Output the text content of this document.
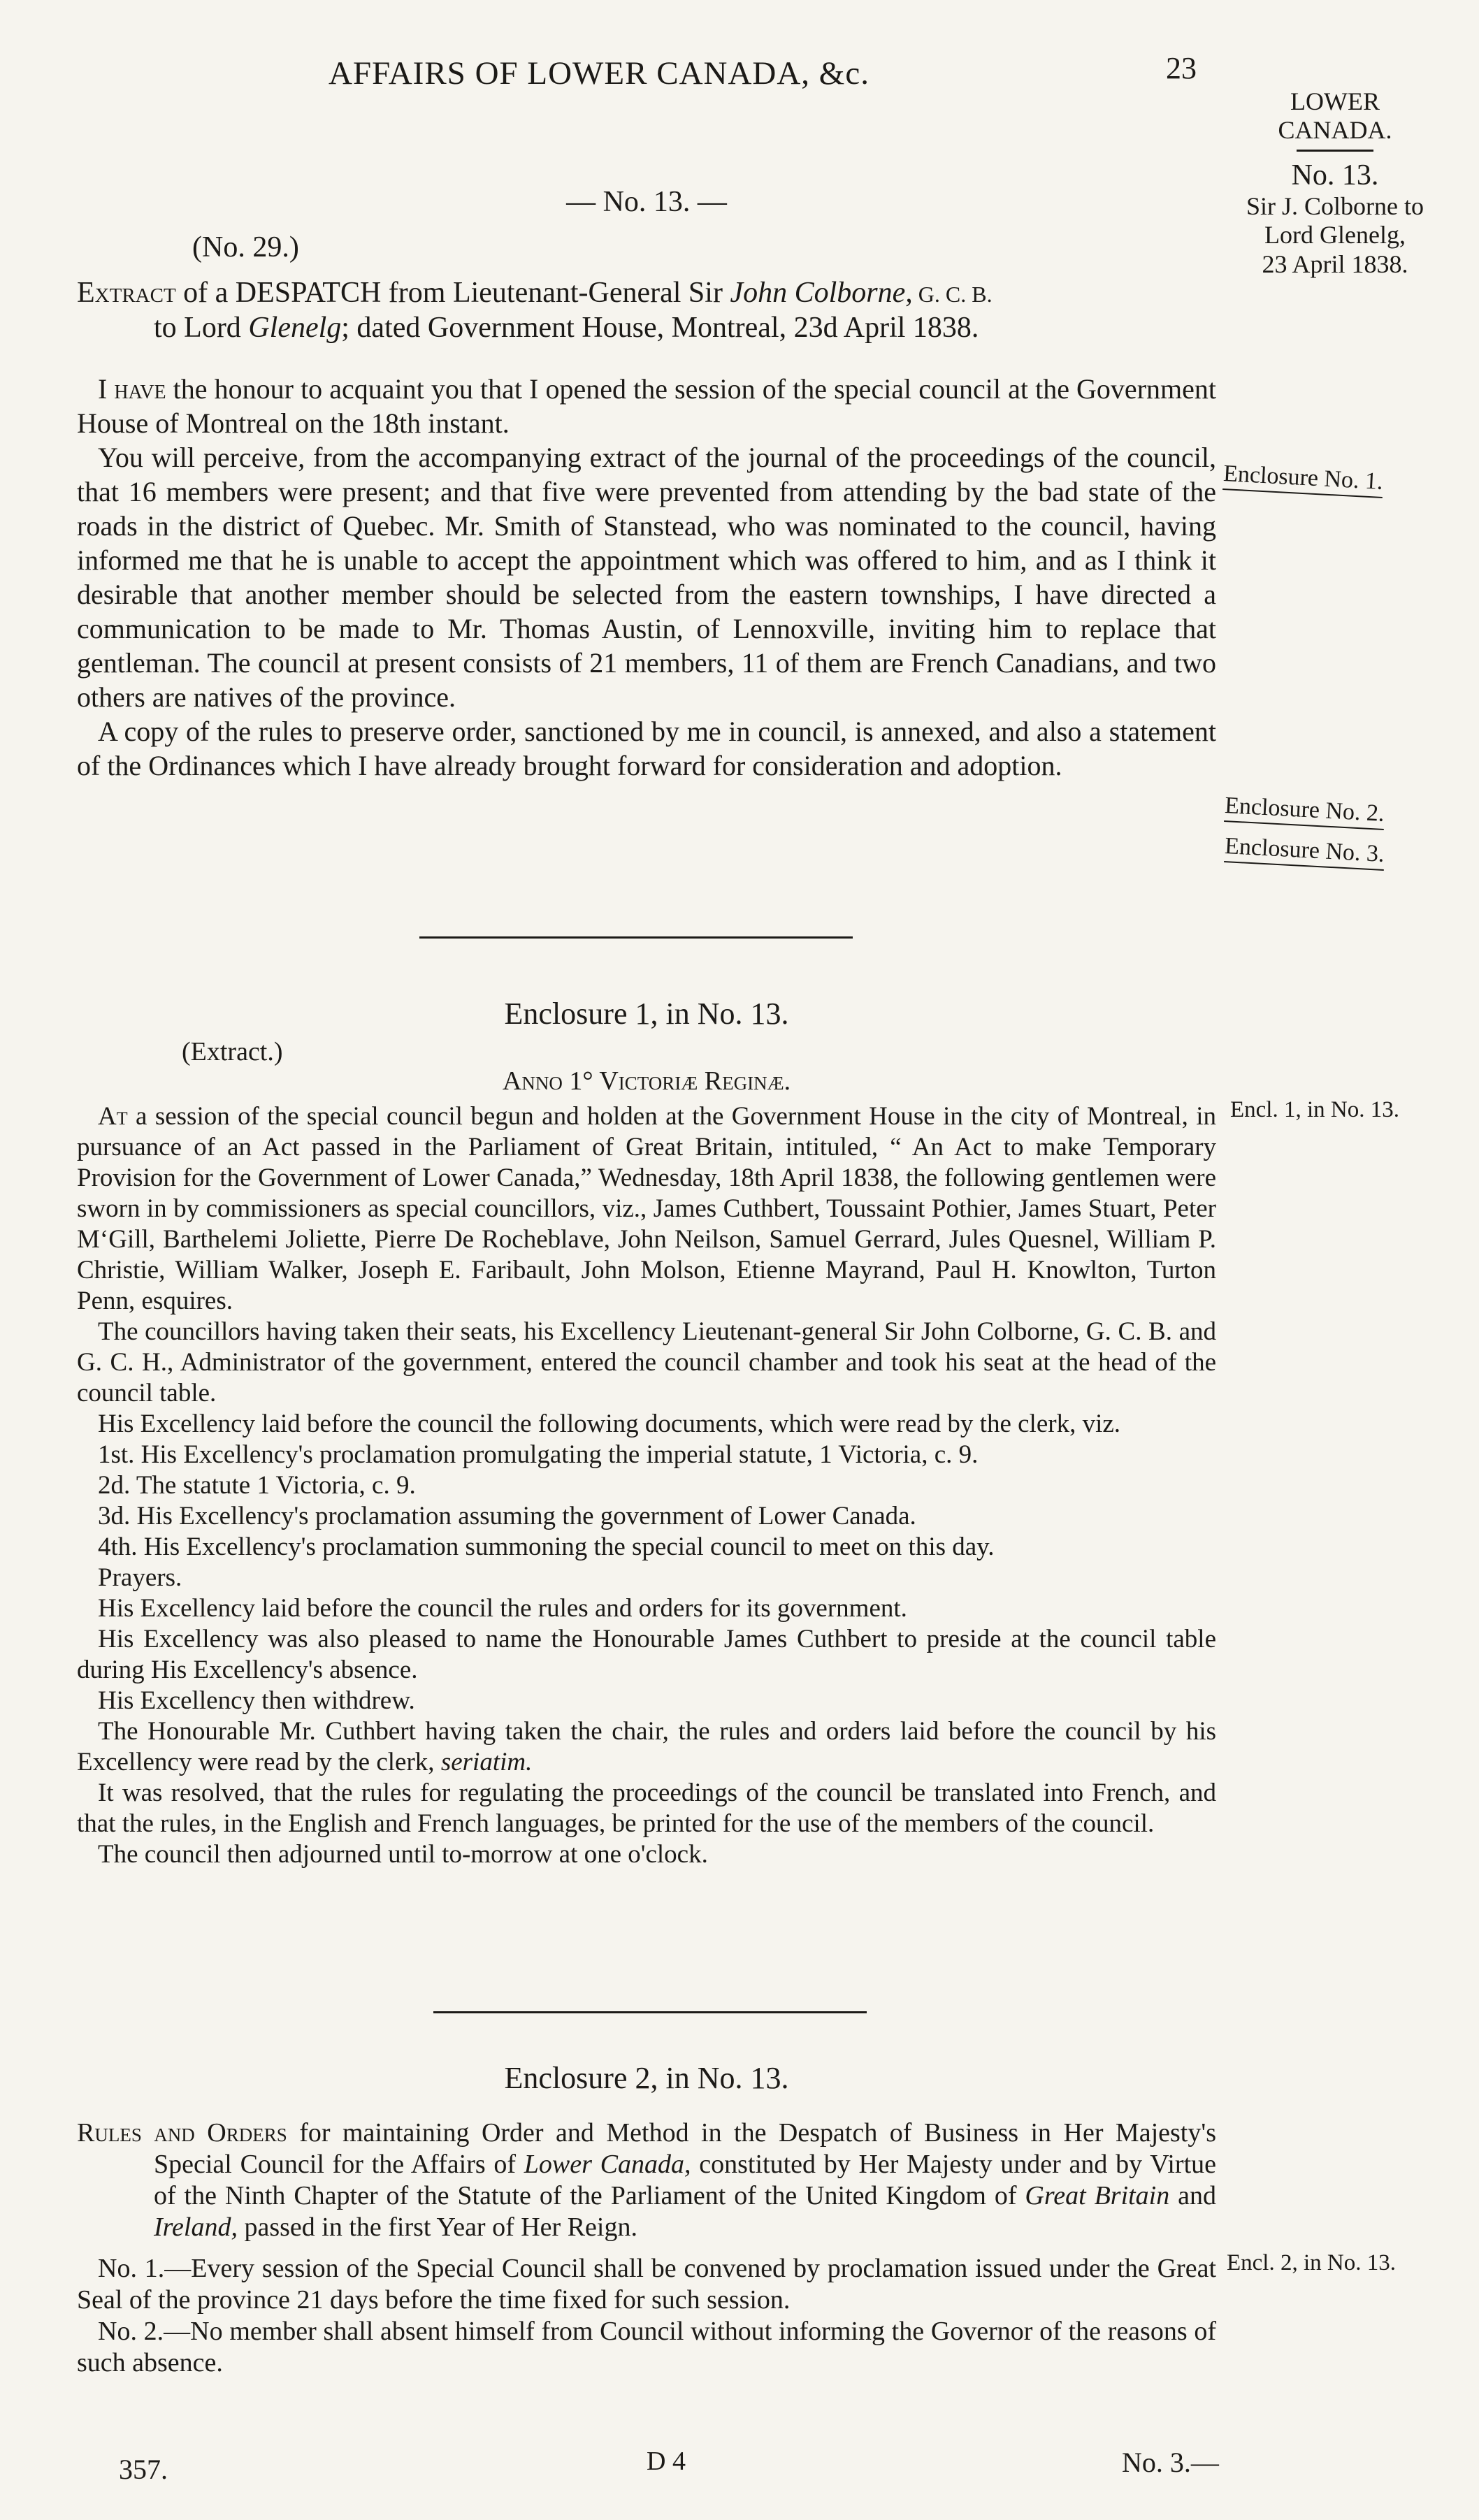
AFFAIRS OF LOWER CANADA, &c.	23
LOWER
CANADA.
No. 13.
Sir J. Colborne to
Lord Glenelg,
23 April 1838.
— No. 13. —
(No. 29.)
Extract of a DESPATCH from Lieutenant-General Sir John Colborne, G. C. B.
to Lord Glenelg; dated Government House, Montreal, 23d April 1838.

I have the honour to acquaint you that I opened the session of the special council at the Government House of Montreal on the 18th instant.

You will perceive, from the accompanying extract of the journal of the proceedings of the council, that 16 members were present; and that five were prevented from attending by the bad state of the roads in the district of Quebec. Mr. Smith of Stanstead, who was nominated to the council, having informed me that he is unable to accept the appointment which was offered to him, and as I think it desirable that another member should be selected from the eastern townships, I have directed a communication to be made to Mr. Thomas Austin, of Lennoxville, inviting him to replace that gentleman. The council at present consists of 21 members, 11 of them are French Canadians, and two others are natives of the province.

A copy of the rules to preserve order, sanctioned by me in council, is annexed, and also a statement of the Ordinances which I have already brought forward for consideration and adoption.

Enclosure No. 1.
Enclosure No. 2.
Enclosure No. 3.
Enclosure 1, in No. 13.
(Extract.)
Anno 1° Victoriæ Reginæ.
Encl. 1, in No. 13.

At a session of the special council begun and holden at the Government House in the city of Montreal, in pursuance of an Act passed in the Parliament of Great Britain, intituled, “ An Act to make Temporary Provision for the Government of Lower Canada,” Wednesday, 18th April 1838, the following gentlemen were sworn in by commissioners as special councillors, viz., James Cuthbert, Toussaint Pothier, James Stuart, Peter M‘Gill, Barthelemi Joliette, Pierre De Rocheblave, John Neilson, Samuel Gerrard, Jules Quesnel, William P. Christie, William Walker, Joseph E. Faribault, John Molson, Etienne Mayrand, Paul H. Knowlton, Turton Penn, esquires.

The councillors having taken their seats, his Excellency Lieutenant-general Sir John Colborne, G. C. B. and G. C. H., Administrator of the government, entered the council chamber and took his seat at the head of the council table.

His Excellency laid before the council the following documents, which were read by the clerk, viz.

1st. His Excellency's proclamation promulgating the imperial statute, 1 Victoria, c. 9.

2d. The statute 1 Victoria, c. 9.

3d. His Excellency's proclamation assuming the government of Lower Canada.

4th. His Excellency's proclamation summoning the special council to meet on this day.

Prayers.

His Excellency laid before the council the rules and orders for its government.

His Excellency was also pleased to name the Honourable James Cuthbert to preside at the council table during His Excellency's absence.

His Excellency then withdrew.

The Honourable Mr. Cuthbert having taken the chair, the rules and orders laid before the council by his Excellency were read by the clerk, seriatim.

It was resolved, that the rules for regulating the proceedings of the council be translated into French, and that the rules, in the English and French languages, be printed for the use of the members of the council.

The council then adjourned until to-morrow at one o'clock.

Enclosure 2, in No. 13.

Rules and Orders for maintaining Order and Method in the Despatch of Business in Her Majesty's Special Council for the Affairs of Lower Canada, constituted by Her Majesty under and by Virtue of the Ninth Chapter of the Statute of the Parliament of the United Kingdom of Great Britain and Ireland, passed in the first Year of Her Reign.

No. 1.—Every session of the Special Council shall be convened by proclamation issued under the Great Seal of the province 21 days before the time fixed for such session.

No. 2.—No member shall absent himself from Council without informing the Governor of the reasons of such absence.

Encl. 2, in No. 13.
357.	D 4	No. 3.—
